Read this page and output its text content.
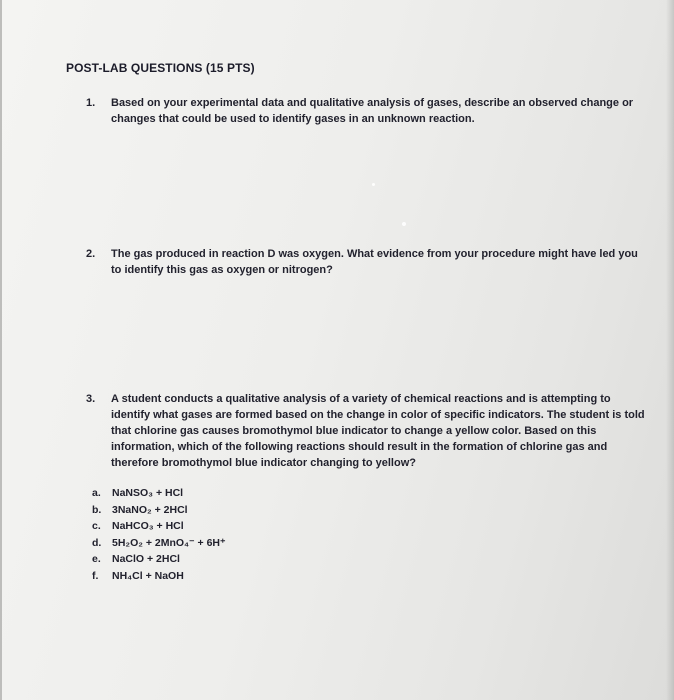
POST-LAB QUESTIONS (15 PTS)
1. Based on your experimental data and qualitative analysis of gases, describe an observed change or changes that could be used to identify gases in an unknown reaction.
2. The gas produced in reaction D was oxygen. What evidence from your procedure might have led you to identify this gas as oxygen or nitrogen?
3. A student conducts a qualitative analysis of a variety of chemical reactions and is attempting to identify what gases are formed based on the change in color of specific indicators. The student is told that chlorine gas causes bromothymol blue indicator to change a yellow color. Based on this information, which of the following reactions should result in the formation of chlorine gas and therefore bromothymol blue indicator changing to yellow?
a. NaNSO₃ + HCl
b. 3NaNO₂ + 2HCl
c. NaHCO₃ + HCl
d. 5H₂O₂ + 2MnO₄⁻ + 6H⁺
e. NaClO + 2HCl
f. NH₄Cl + NaOH
